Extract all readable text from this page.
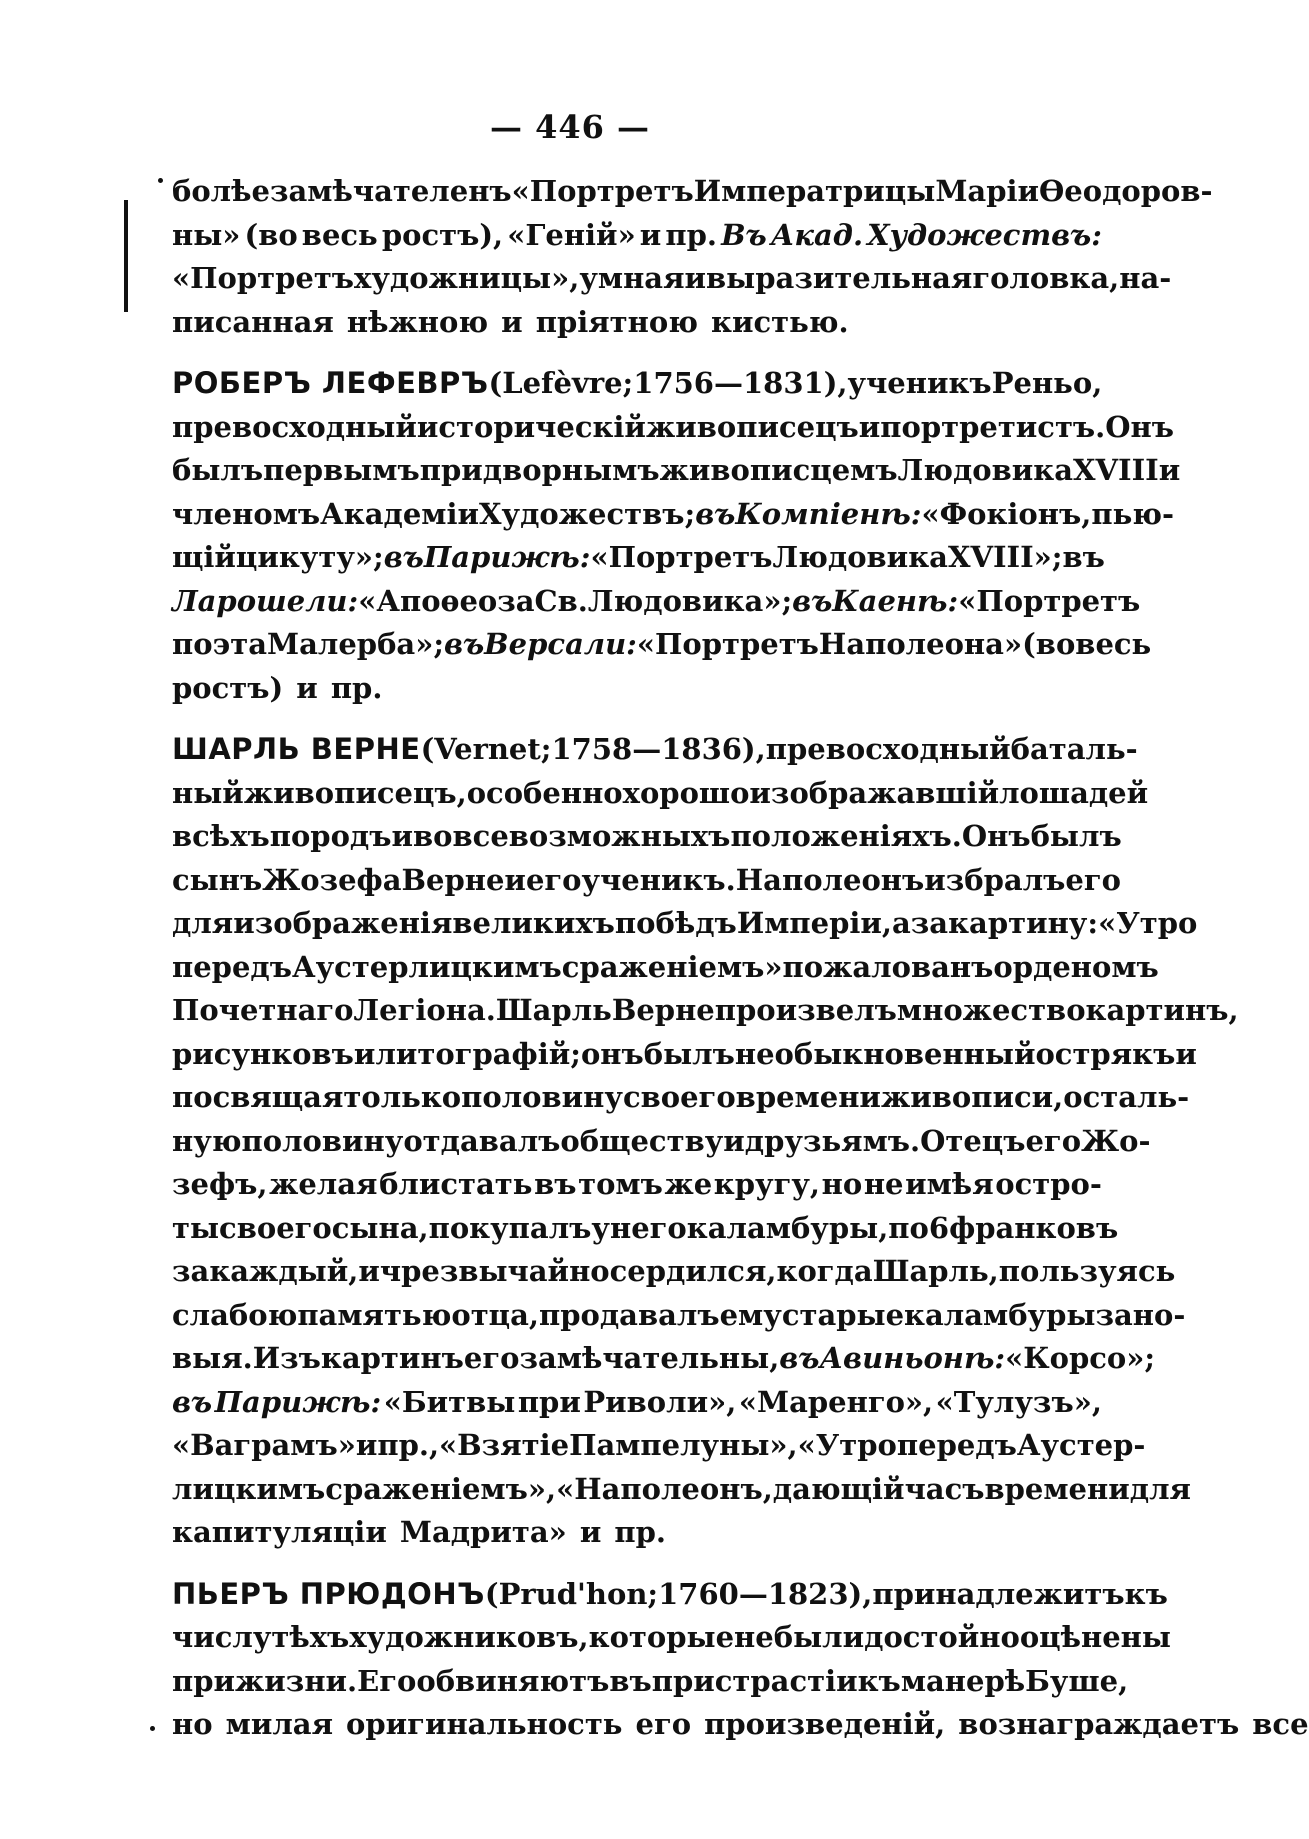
— 446 —
болѣе замѣчателенъ «Портретъ Императрицы Маріи Ѳеодоров-
ны» (во весь ростъ), «Геній» и пр. Въ Акад. Художествъ:
«Портретъ художницы», умная и выразительная головка, на-
писанная нѣжною и пріятною кистью.
РОБЕРЪ ЛЕФЕВРЪ (Lefèvre; 1756—1831), ученикъ Реньо,
превосходный историческій живописецъ и портретистъ. Онъ
былъ первымъ придворнымъ живописцемъ Людовика XVIII и
членомъ Академіи Художествъ; въ Компіенѣ: «Фокіонъ, пью-
щій цикуту»; въ Парижѣ: «Портретъ Людовика XVIII»; въ
Ларошели: «Апоѳеоза Св. Людовика»; въ Каенѣ: «Портретъ
поэта Малерба»; въ Версали: «Портретъ Наполеона» (во весь
ростъ) и пр.
ШАРЛЬ ВЕРНЕ (Vernet; 1758—1836), превосходный баталь-
ный живописецъ, особенно хорошо изображавшій лошадей
всѣхъ породъ и во всевозможныхъ положеніяхъ. Онъ былъ
сынъ Жозефа Верне и его ученикъ. Наполеонъ избралъ его
для изображенія великихъ побѣдъ Имперіи, а за картину: «Утро
передъ Аустерлицкимъ сраженіемъ» пожалованъ орденомъ
Почетнаго Легіона. Шарль Верне произвелъ множество картинъ,
рисунковъ и литографій; онъ былъ необыкновенный острякъ и
посвящая только половину своего времени живописи, осталь-
ную половину отдавалъ обществу и друзьямъ. Отецъ его Жо-
зефъ, желая блистать въ томъ же кругу, но не имѣя остро-
ты своего сына, покупалъ у него каламбуры, по 6 франковъ
за каждый, и чрезвычайно сердился, когда Шарль, пользуясь
слабою памятью отца, продавалъ ему старые каламбуры за но-
выя. Изъ картинъ его замѣчательны, въ Авиньонѣ: «Корсо»;
въ Парижѣ: «Битвы при Риволи», «Маренго», «Тулузъ»,
«Ваграмъ» и пр., «Взятіе Пампелуны», «Утро передъ Аустер-
лицкимъ сраженіемъ», «Наполеонъ, дающій часъ времени для
капитуляціи Мадрита» и пр.
ПЬЕРЪ ПРЮДОНЪ (Prud'hon; 1760—1823), принадлежитъ къ
числу тѣхъ художниковъ, которые не были достойно оцѣнены
при жизни. Его обвиняютъ въ пристрастіи къ манерѣ Буше,
но милая оригинальность его произведеній, вознаграждаетъ все
